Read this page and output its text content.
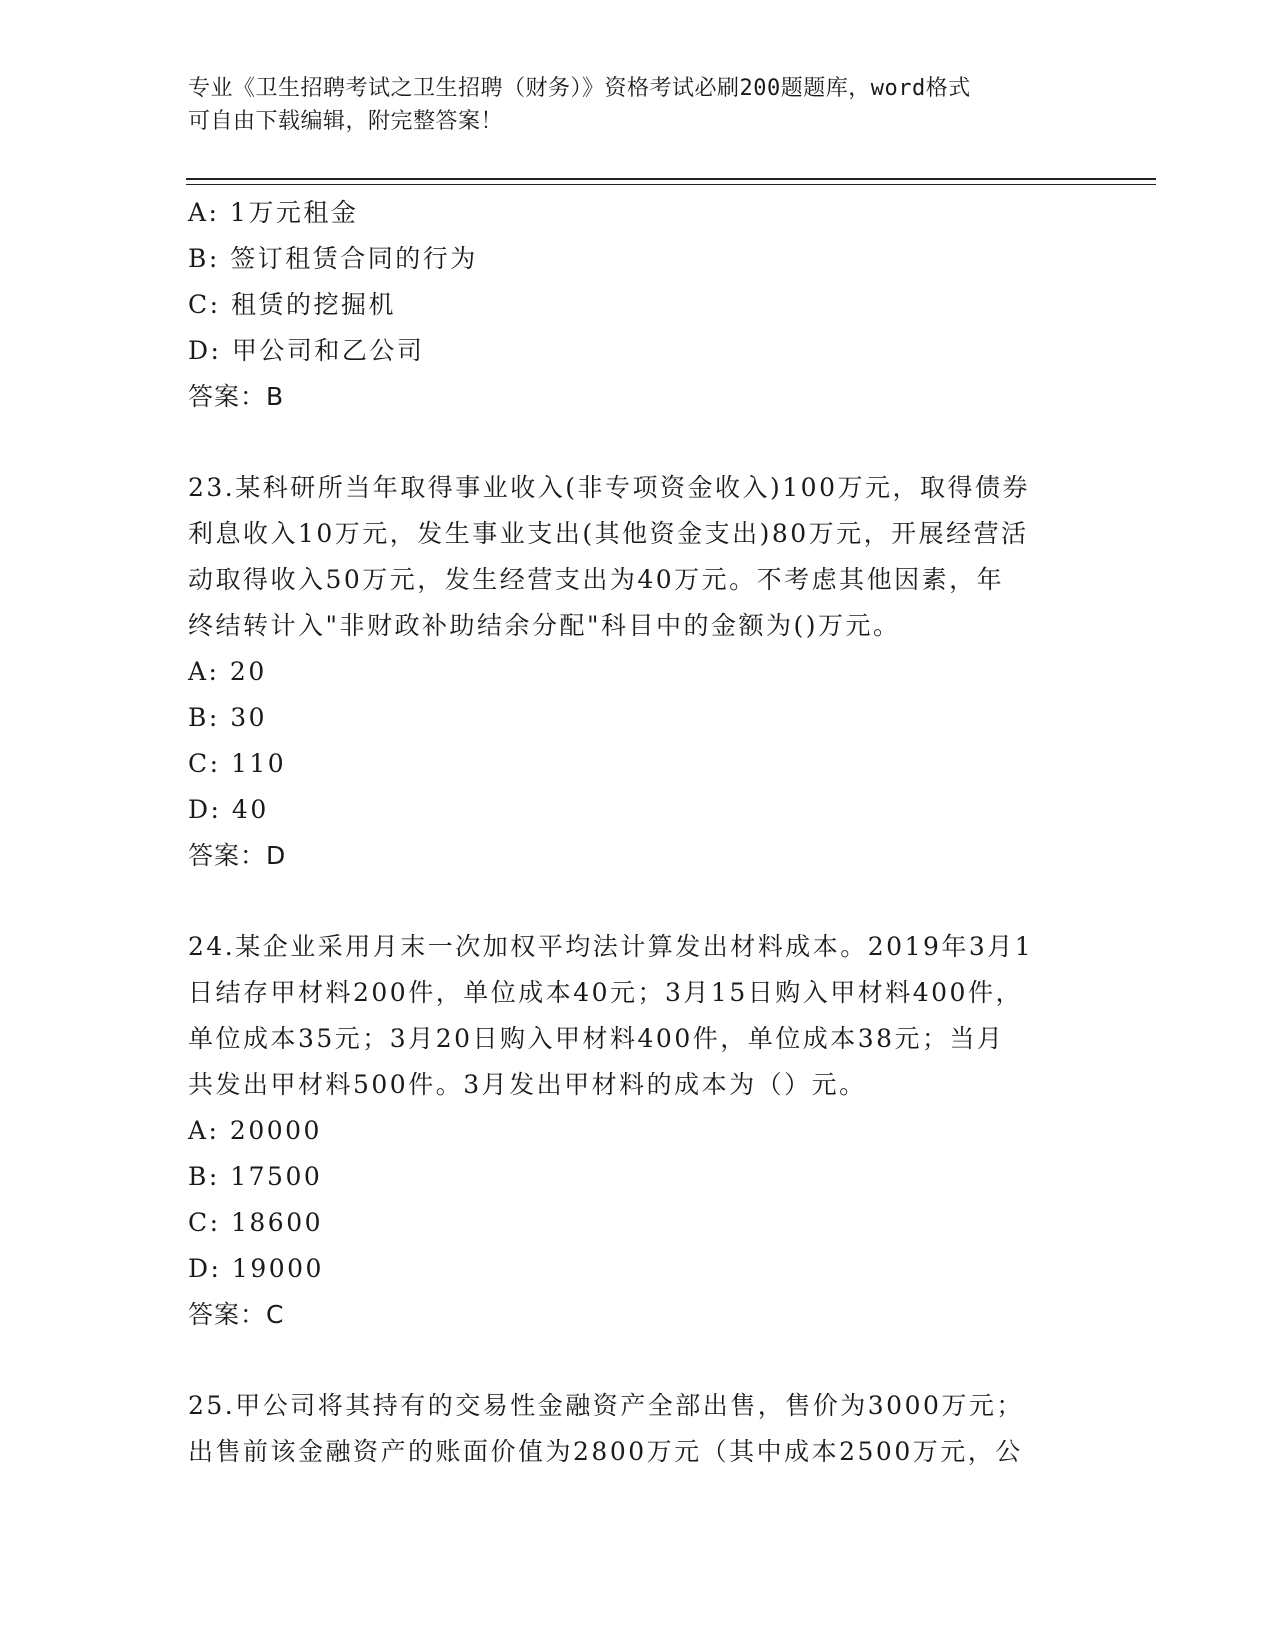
专业《卫生招聘考试之卫生招聘（财务）》资格考试必刷200题题库，word格式
可自由下载编辑，附完整答案！
A: 1万元租金
B: 签订租赁合同的行为
C: 租赁的挖掘机
D: 甲公司和乙公司
答案：B
23.某科研所当年取得事业收入(非专项资金收入)100万元，取得债券
利息收入10万元，发生事业支出(其他资金支出)80万元，开展经营活
动取得收入50万元，发生经营支出为40万元。不考虑其他因素，年
终结转计入"非财政补助结余分配"科目中的金额为()万元。
A: 20
B: 30
C: 110
D: 40
答案：D
24.某企业采用月末一次加权平均法计算发出材料成本。2019年3月1
日结存甲材料200件，单位成本40元；3月15日购入甲材料400件，
单位成本35元；3月20日购入甲材料400件，单位成本38元；当月
共发出甲材料500件。3月发出甲材料的成本为（）元。
A: 20000
B: 17500
C: 18600
D: 19000
答案：C
25.甲公司将其持有的交易性金融资产全部出售，售价为3000万元；
出售前该金融资产的账面价值为2800万元（其中成本2500万元，公
